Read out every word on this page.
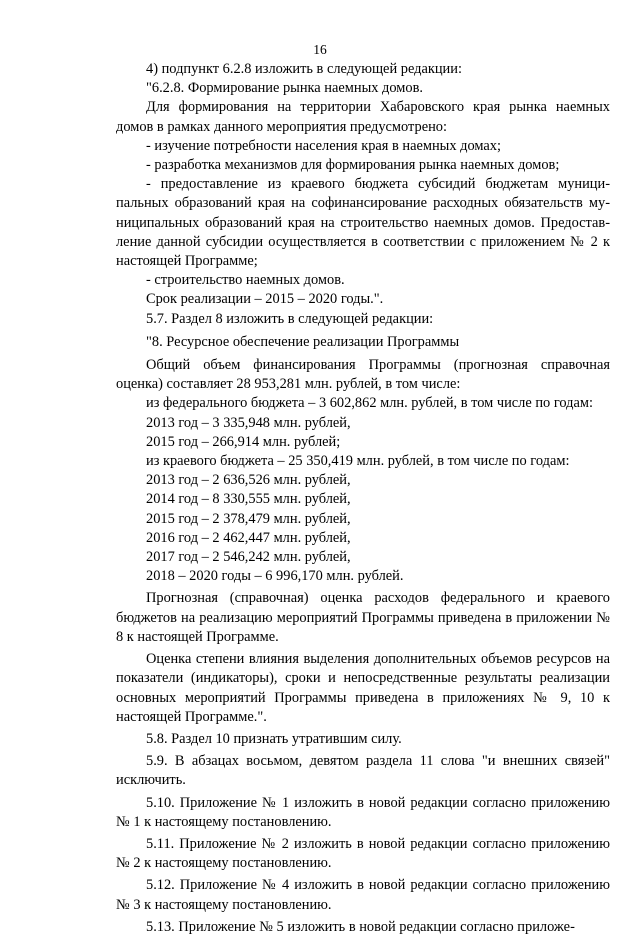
16

4) подпункт 6.2.8 изложить в следующей редакции:

"6.2.8. Формирование рынка наемных домов.

Для формирования на территории Хабаровского края рынка наемных домов в рамках данного мероприятия предусмотрено:

- изучение потребности населения края в наемных домах;

- разработка механизмов для формирования рынка наемных домов;

- предоставление из краевого бюджета субсидий бюджетам муниципальных образований края на софинансирование расходных обязательств муниципальных образований края на строительство наемных домов. Предоставление данной субсидии осуществляется в соответствии с приложением № 2 к настоящей Программе;

- строительство наемных домов.

Срок реализации – 2015 – 2020 годы.".

5.7. Раздел 8 изложить в следующей редакции:

"8. Ресурсное обеспечение реализации Программы

Общий объем финансирования Программы (прогнозная справочная оценка) составляет 28 953,281 млн. рублей, в том числе:

из федерального бюджета – 3 602,862 млн. рублей, в том числе по годам:

2013 год – 3 335,948 млн. рублей,

2015 год – 266,914 млн. рублей;

из краевого бюджета – 25 350,419 млн. рублей, в том числе по годам:

2013 год – 2 636,526 млн. рублей,

2014 год – 8 330,555 млн. рублей,

2015 год – 2 378,479 млн. рублей,

2016 год – 2 462,447 млн. рублей,

2017 год – 2 546,242 млн. рублей,

2018 – 2020 годы – 6 996,170 млн. рублей.

Прогнозная (справочная) оценка расходов федерального и краевого бюджетов на реализацию мероприятий Программы приведена в приложении № 8 к настоящей Программе.

Оценка степени влияния выделения дополнительных объемов ресурсов на показатели (индикаторы), сроки и непосредственные результаты реализации основных мероприятий Программы приведена в приложениях № 9, 10 к настоящей Программе.".

5.8. Раздел 10 признать утратившим силу.

5.9. В абзацах восьмом, девятом раздела 11 слова "и внешних связей" исключить.

5.10. Приложение № 1 изложить в новой редакции согласно приложению № 1 к настоящему постановлению.

5.11. Приложение № 2 изложить в новой редакции согласно приложению № 2 к настоящему постановлению.

5.12. Приложение № 4 изложить в новой редакции согласно приложению № 3 к настоящему постановлению.

5.13. Приложение № 5 изложить в новой редакции согласно приложе-
